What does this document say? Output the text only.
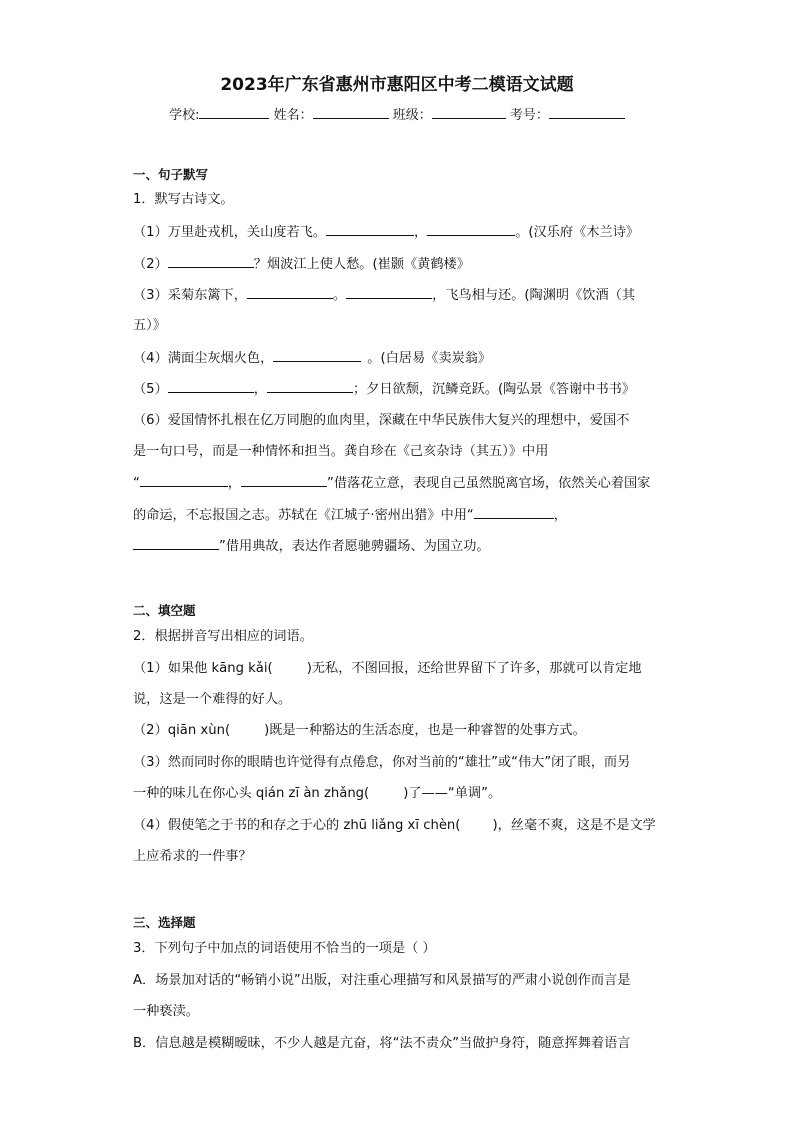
2023年广东省惠州市惠阳区中考二模语文试题
学校:	姓名：	班级：	考号：
一、句子默写
1．默写古诗文。
（1）万里赴戎机，关山度若飞。	，	。(汉乐府《木兰诗》
（2）	？烟波江上使人愁。(崔颢《黄鹤楼》
（3）采菊东篱下，	。	，飞鸟相与还。(陶渊明《饮酒（其
五）》
（4）满面尘灰烟火色，	。(白居易《卖炭翁》
（5）	，	；夕日欲颓，沉鳞竞跃。(陶弘景《答谢中书书》
（6）爱国情怀扎根在亿万同胞的血肉里，深藏在中华民族伟大复兴的理想中，爱国不
是一句口号，而是一种情怀和担当。龚自珍在《己亥杂诗（其五）》中用
“	，	”借落花立意，表现自己虽然脱离官场，依然关心着国家
的命运，不忘报国之志。苏轼在《江城子·密州出猎》中用“	，
”借用典故，表达作者愿驰骋疆场、为国立功。
二、填空题
2．根据拼音写出相应的词语。
（1）如果他 kāng kǎi(	)无私，不图回报，还给世界留下了许多，那就可以肯定地
说，这是一个难得的好人。
（2）qiān xùn(	)既是一种豁达的生活态度，也是一种睿智的处事方式。
（3）然而同时你的眼睛也许觉得有点倦怠，你对当前的“雄壮”或“伟大”闭了眼，而另
一种的味儿在你心头 qián zī àn zhǎng(	)了——“单调”。
（4）假使笔之于书的和存之于心的 zhū liǎng xī chèn( )，丝毫不爽，这是不是文学
上应希求的一件事？
三、选择题
3．下列句子中加点的词语使用不恰当的一项是（ ）
A．场景加对话的“畅销小说”出版，对注重心理描写和风景描写的严肃小说创作而言是
一种亵渎。
B．信息越是模糊暧昧，不少人越是亢奋，将“法不责众”当做护身符，随意挥舞着语言
